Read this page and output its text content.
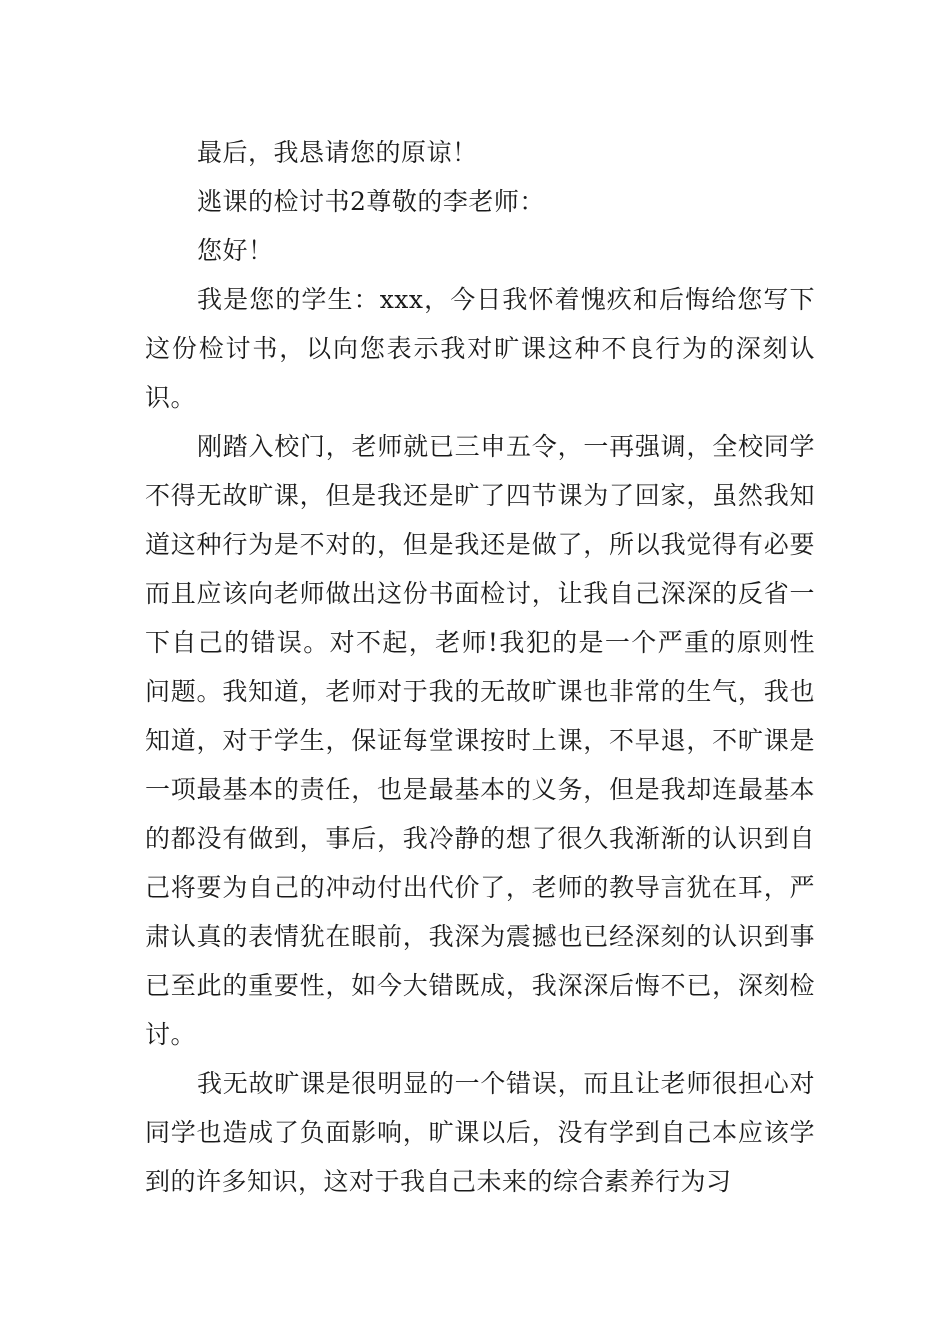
最后，我恳请您的原谅！

逃课的检讨书2尊敬的李老师：

您好！

我是您的学生：xxx，今日我怀着愧疚和后悔给您写下这份检讨书，以向您表示我对旷课这种不良行为的深刻认识。

刚踏入校门，老师就已三申五令，一再强调，全校同学不得无故旷课，但是我还是旷了四节课为了回家，虽然我知道这种行为是不对的，但是我还是做了，所以我觉得有必要而且应该向老师做出这份书面检讨，让我自己深深的反省一下自己的错误。对不起，老师!我犯的是一个严重的原则性问题。我知道，老师对于我的无故旷课也非常的生气，我也知道，对于学生，保证每堂课按时上课，不早退，不旷课是一项最基本的责任，也是最基本的义务，但是我却连最基本的都没有做到，事后，我冷静的想了很久我渐渐的认识到自己将要为自己的冲动付出代价了，老师的教导言犹在耳，严肃认真的表情犹在眼前，我深为震撼也已经深刻的认识到事已至此的重要性，如今大错既成，我深深后悔不已，深刻检讨。

我无故旷课是很明显的一个错误，而且让老师很担心对同学也造成了负面影响，旷课以后，没有学到自己本应该学到的许多知识，这对于我自己未来的综合素养行为习
